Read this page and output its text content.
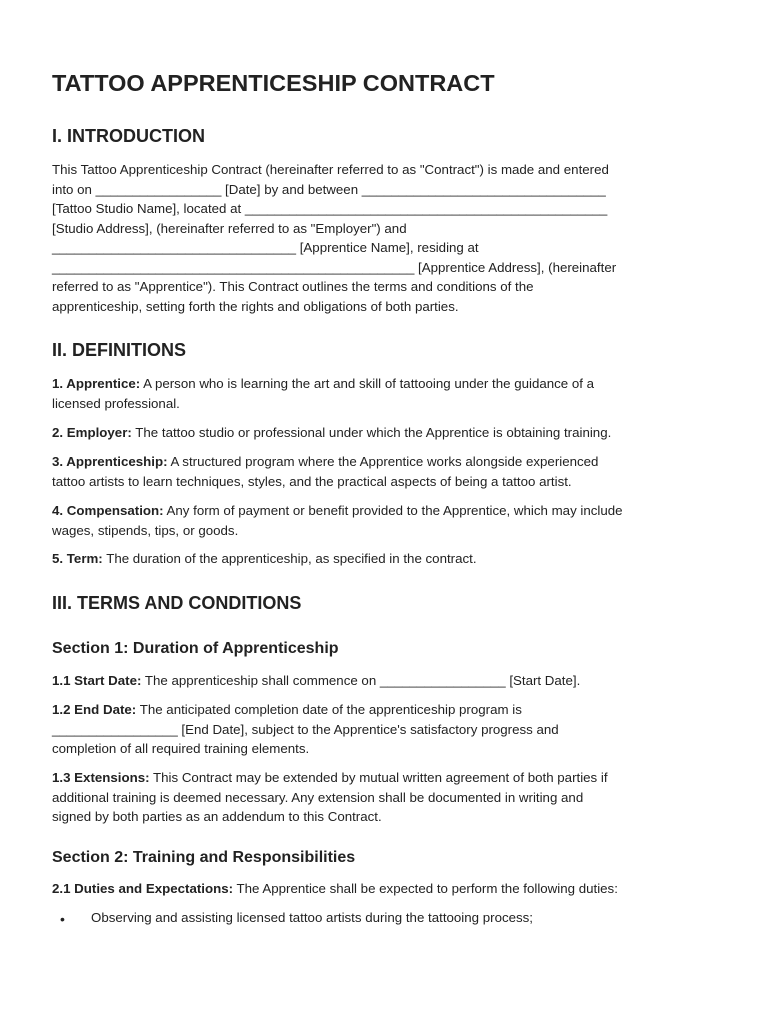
TATTOO APPRENTICESHIP CONTRACT
I. INTRODUCTION
This Tattoo Apprenticeship Contract (hereinafter referred to as "Contract") is made and entered
into on _________________ [Date] by and between _________________________________
[Tattoo Studio Name], located at _________________________________________________
[Studio Address], (hereinafter referred to as "Employer") and
_________________________________ [Apprentice Name], residing at
_________________________________________________ [Apprentice Address], (hereinafter
referred to as "Apprentice"). This Contract outlines the terms and conditions of the
apprenticeship, setting forth the rights and obligations of both parties.
II. DEFINITIONS
1. Apprentice: A person who is learning the art and skill of tattooing under the guidance of a
licensed professional.
2. Employer: The tattoo studio or professional under which the Apprentice is obtaining training.
3. Apprenticeship: A structured program where the Apprentice works alongside experienced
tattoo artists to learn techniques, styles, and the practical aspects of being a tattoo artist.
4. Compensation: Any form of payment or benefit provided to the Apprentice, which may include
wages, stipends, tips, or goods.
5. Term: The duration of the apprenticeship, as specified in the contract.
III. TERMS AND CONDITIONS
Section 1: Duration of Apprenticeship
1.1 Start Date: The apprenticeship shall commence on _________________ [Start Date].
1.2 End Date: The anticipated completion date of the apprenticeship program is
_________________ [End Date], subject to the Apprentice's satisfactory progress and
completion of all required training elements.
1.3 Extensions: This Contract may be extended by mutual written agreement of both parties if
additional training is deemed necessary. Any extension shall be documented in writing and
signed by both parties as an addendum to this Contract.
Section 2: Training and Responsibilities
2.1 Duties and Expectations: The Apprentice shall be expected to perform the following duties:
• Observing and assisting licensed tattoo artists during the tattooing process;
